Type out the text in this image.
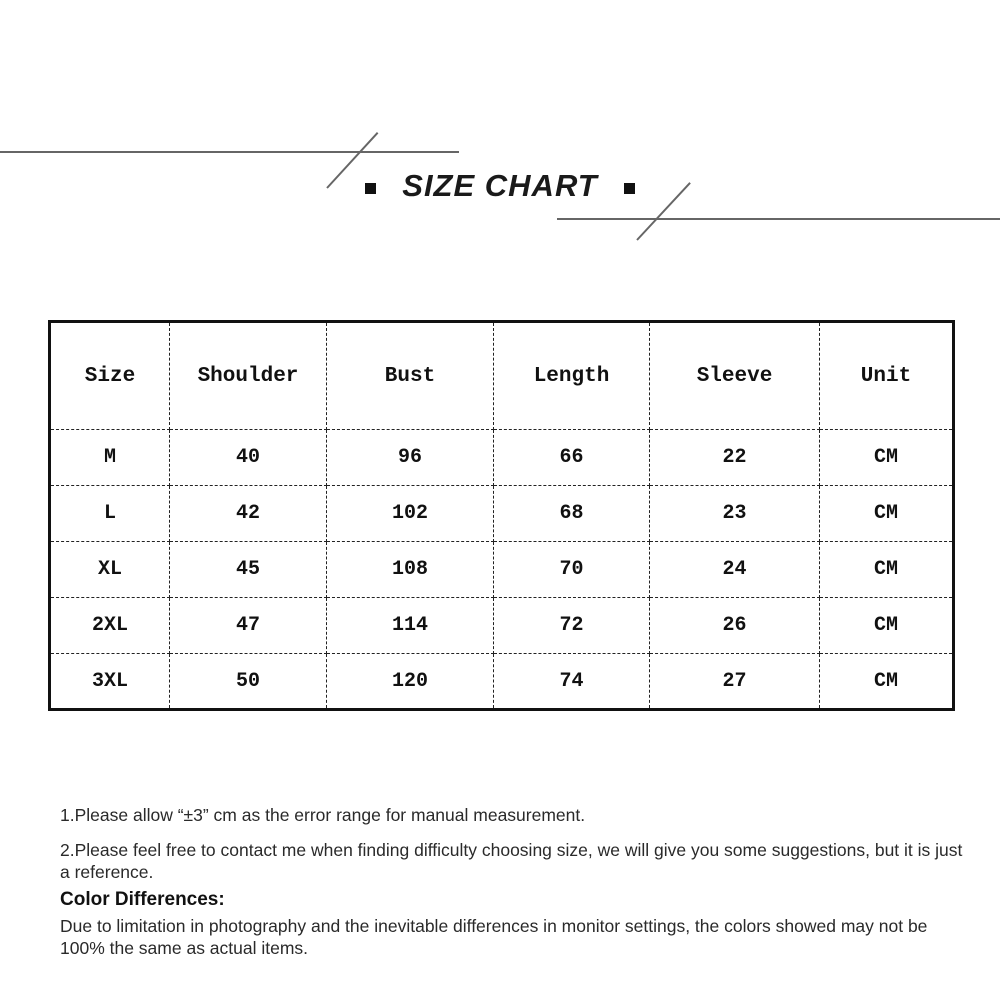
SIZE CHART
Size	Shoulder	Bust	Length	Sleeve	Unit
M	40	96	66	22	CM
L	42	102	68	23	CM
XL	45	108	70	24	CM
2XL	47	114	72	26	CM
3XL	50	120	74	27	CM

1.Please allow “±3” cm as the error range for manual measurement.

2.Please feel free to contact me when finding difficulty choosing size, we will give you some suggestions, but it is just a reference.

Color Differences:

Due to limitation in photography and the inevitable differences in monitor settings, the colors showed may not be 100% the same as actual items.
